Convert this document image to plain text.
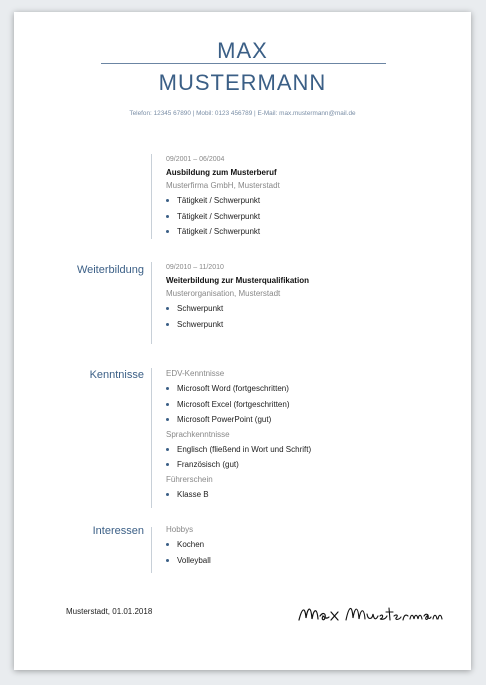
MAX
MUSTERMANN
Telefon: 12345 67890 | Mobil: 0123 456789 | E-Mail: max.mustermann@mail.de
09/2001 – 06/2004
Ausbildung zum Musterberuf
Musterfirma GmbH, Musterstadt
Tätigkeit / Schwerpunkt
Tätigkeit / Schwerpunkt
Tätigkeit / Schwerpunkt
Weiterbildung	09/2010 – 11/2010
Weiterbildung zur Musterqualifikation
Musterorganisation, Musterstadt
Schwerpunkt
Schwerpunkt
Kenntnisse	EDV-Kenntnisse
Microsoft Word (fortgeschritten)
Microsoft Excel (fortgeschritten)
Microsoft PowerPoint (gut)
Sprachkenntnisse
Englisch (fließend in Wort und Schrift)
Französisch (gut)
Führerschein
Klasse B
Interessen	Hobbys
Kochen
Volleyball
Musterstadt, 01.01.2018
